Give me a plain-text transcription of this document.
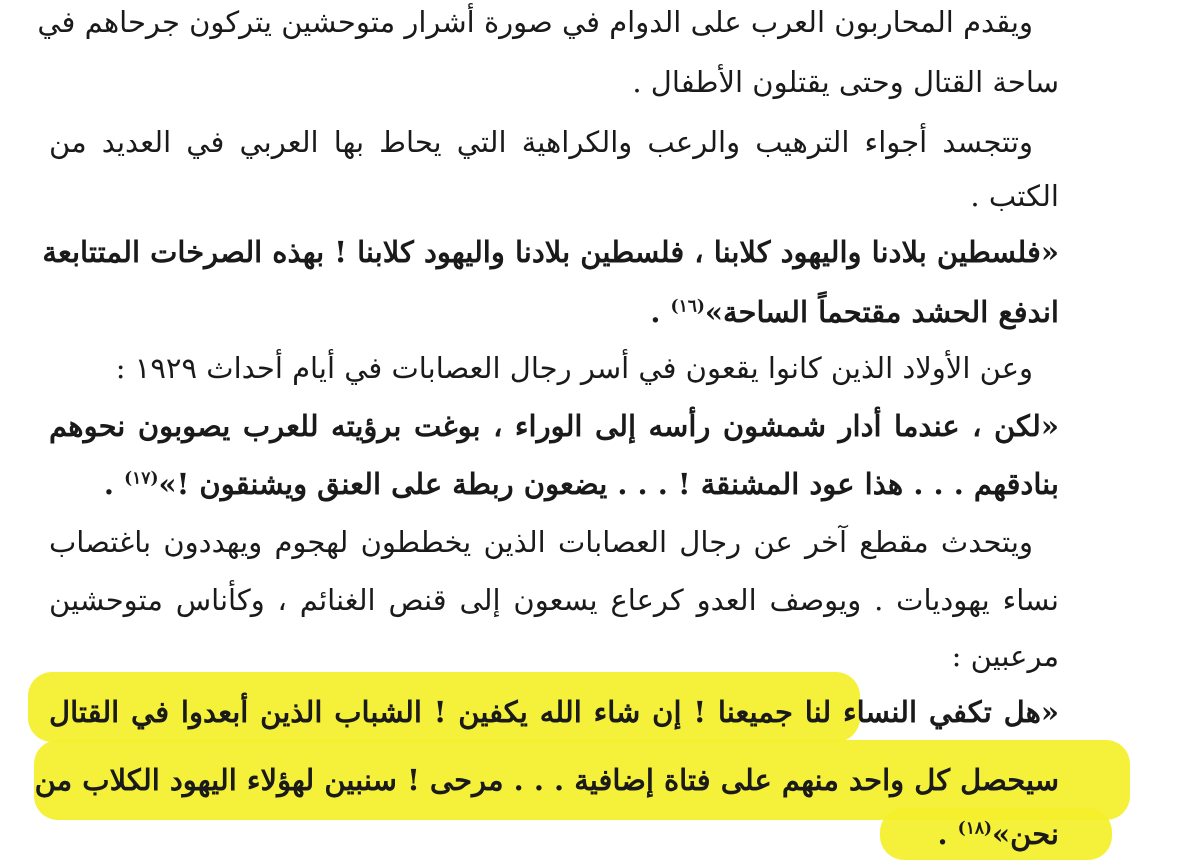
ويقدم المحاربون العرب على الدوام في صورة أشرار متوحشين يتركون جرحاهم في
ساحة القتال وحتى يقتلون الأطفال .
وتتجسد أجواء الترهيب والرعب والكراهية التي يحاط بها العربي في العديد من
الكتب .
«فلسطين بلادنا واليهود كلابنا ، فلسطين بلادنا واليهود كلابنا ! بهذه الصرخات المتتابعة
اندفع الحشد مقتحماً الساحة»$^{(١٦)}$ .
وعن الأولاد الذين كانوا يقعون في أسر رجال العصابات في أيام أحداث ١٩٢٩ :
«لكن ، عندما أدار شمشون رأسه إلى الوراء ، بوغت برؤيته للعرب يصوبون نحوهم
بنادقهم . . . هذا عود المشنقة ! . . . يضعون ربطة على العنق ويشنقون !»$^{(١٧)}$ .
ويتحدث مقطع آخر عن رجال العصابات الذين يخططون لهجوم ويهددون باغتصاب
نساء يهوديات . ويوصف العدو كرعاع يسعون إلى قنص الغنائم ، وكأناس متوحشين
مرعبين :
«هل تكفي النساء لنا جميعنا ! إن شاء الله يكفين ! الشباب الذين أبعدوا في القتال
سيحصل كل واحد منهم على فتاة إضافية . . . مرحى ! سنبين لهؤلاء اليهود الكلاب من
نحن»$^{(١٨)}$ .
